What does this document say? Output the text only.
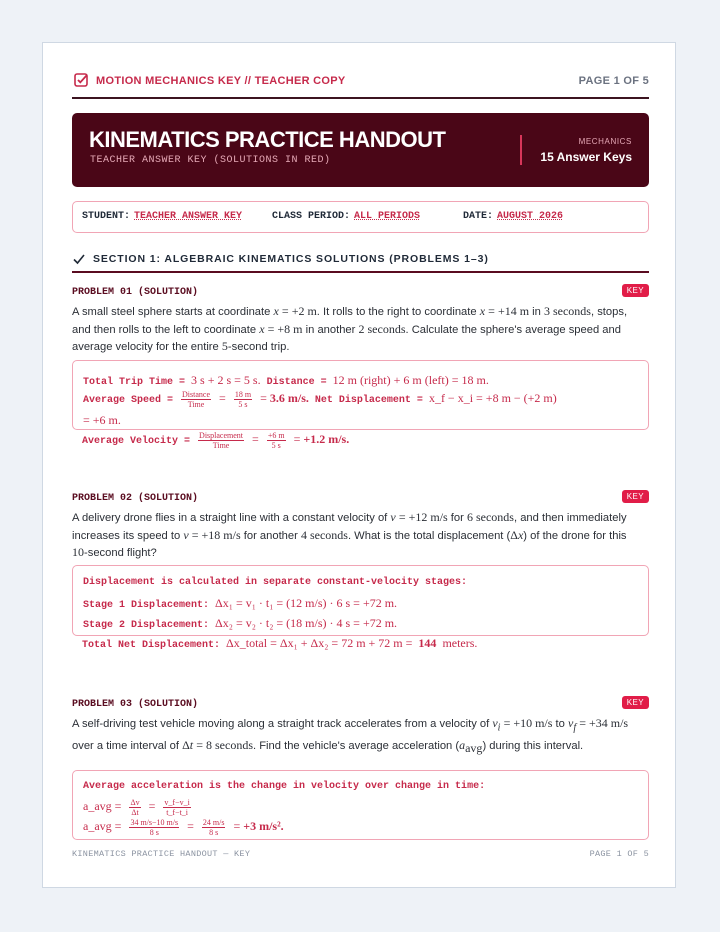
MOTION MECHANICS KEY // TEACHER COPY	PAGE 1 OF 5
KINEMATICS PRACTICE HANDOUT
TEACHER ANSWER KEY (SOLUTIONS IN RED)
MECHANICS
15 Answer Keys
STUDENT: TEACHER ANSWER KEY	CLASS PERIOD: ALL PERIODS	DATE: AUGUST 2026
SECTION 1: ALGEBRAIC KINEMATICS SOLUTIONS (PROBLEMS 1–3)
PROBLEM 01 (SOLUTION)	KEY
A small steel sphere starts at coordinate x = +2 m. It rolls to the right to coordinate x = +14 m in 3 seconds, stops, and then rolls to the left to coordinate x = +8 m in another 2 seconds. Calculate the sphere's average speed and average velocity for the entire 5-second trip.
Total Trip Time = 3 s + 2 s = 5 s. Distance = 12 m (right) + 6 m (left) = 18 m.
Average Speed = $\frac{\text{Distance}}{\text{Time}} = \frac{18 m}{5 s} = 3.6$ m/s. Net Displacement = x_f − x_i = +8 m − (+2 m)
= +6 m.
Average Velocity = $\frac{\text{Displacement}}{\text{Time}} = \frac{+6 m}{5 s} = +1.2$ m/s.
PROBLEM 02 (SOLUTION)	KEY
A delivery drone flies in a straight line with a constant velocity of v = +12 m/s for 6 seconds, and then immediately increases its speed to v = +18 m/s for another 4 seconds. What is the total displacement (Δx) of the drone for this 10-second flight?
Displacement is calculated in separate constant-velocity stages:
Stage 1 Displacement: Δx₁ = v₁ · t₁ = (12 m/s) · 6 s = +72 m.
Stage 2 Displacement: Δx₂ = v₂ · t₂ = (18 m/s) · 4 s = +72 m.
Total Net Displacement: Δx_total = Δx₁ + Δx₂ = 72 m + 72 m = 144 meters.
PROBLEM 03 (SOLUTION)	KEY
A self-driving test vehicle moving along a straight track accelerates from a velocity of $v_i = +10$ m/s to $v_f = +34$ m/s over a time interval of Δt = 8 seconds. Find the vehicle's average acceleration $(a_{avg})$ during this interval.
Average acceleration is the change in velocity over change in time:
a_avg = $\frac{\Delta v}{\Delta t} = \frac{v\_f-v\_i}{t\_f-t\_i}$
a_avg = $\frac{34 m/s-10 m/s}{8 s} = \frac{24 m/s}{8 s} = +3$ m/s².
KINEMATICS PRACTICE HANDOUT — KEY	PAGE 1 OF 5
